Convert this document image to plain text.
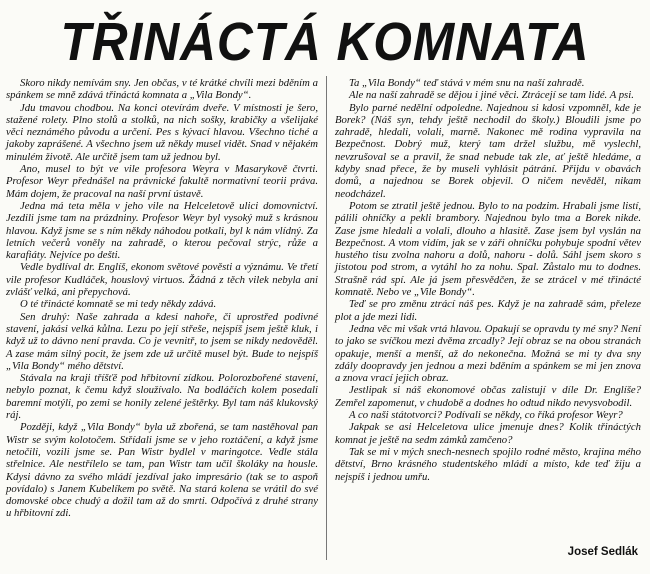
TŘINÁCTÁ KOMNATA

Skoro nikdy nemívám sny. Jen občas, v té krátké chvíli mezi bděním a spánkem se mně zdává třináctá komnata a „Vila Bondy“.

Jdu tmavou chodbou. Na konci otevírám dveře. V místnosti je šero, stažené rolety. Plno stolů a stolků, na nich sošky, krabičky a všelijaké věci neznámého původu a určení. Pes s kývací hlavou. Všechno tiché a jakoby zaprášené. A všechno jsem už někdy musel vidět. Snad v nějakém minulém životě. Ale určitě jsem tam už jednou byl.

Ano, musel to být ve vile profesora Weyra v Masarykově čtvrti. Profesor Weyr přednášel na právnické fakultě normativní teorii práva. Mám dojem, že pracoval na naší první ústavě.

Jedna má teta měla v jeho vile na Helceletově ulici domovnictví. Jezdili jsme tam na prázdniny. Profesor Weyr byl vysoký muž s krásnou hlavou. Když jsme se s ním někdy náhodou potkali, byl k nám vlídný. Za letních večerů voněly na zahradě, o kterou pečoval strýc, růže a karafiáty. Nejvíce po dešti.

Vedle bydlíval dr. Englíš, ekonom světové pověsti a význámu. Ve třetí vile profesor Kudláček, houslový virtuos. Žádná z těch vilek nebyla ani zvlášť velká, ani přepychová.

O té třinácté komnatě se mi tedy někdy zdává.

Sen druhý: Naše zahrada a kdesi nahoře, či uprostřed podivné stavení, jakási velká kůlna. Lezu po její střeše, nejspíš jsem ještě kluk, i když už to dávno není pravda. Co je vevnitř, to jsem se nikdy nedověděl. A zase mám silný pocit, že jsem zde už určitě musel být. Bude to nejspíš „Vila Bondy“ mého dětství.

Stávala na kraji tříšťě pod hřbitovní zídkou. Polorozbořené stavení, nebylo poznat, k čemu když sloužívalo. Na bodláčích kolem posedali baremní motýli, po zemi se honily zelené ještěrky. Byl tam náš klukovský ráj.

Později, když „Vila Bondy“ byla už zbořená, se tam nastěhoval pan Wistr se svým kolotočem. Střídali jsme se v jeho roztáčení, a když jsme netočili, vozili jsme se. Pan Wistr bydlel v maringotce. Vedle stála střelnice. Ale nestřílelo se tam, pan Wistr tam učil školáky na housle. Kdysi dávno za svého mládí jezdíval jako impresário (tak se to aspoň povídalo) s Janem Kubelíkem po světě. Na stará kolena se vrátil do své domovské obce chudý a dožil tam až do smrti. Odpočívá z druhé strany u hřbitovní zdi.

Ta „Vila Bondy“ teď stává v mém snu na naší zahradě.

Ale na naší zahradě se dějou i jiné věci. Ztrácejí se tam lidé. A psi.

Bylo parné nedělní odpoledne. Najednou si kdosi vzpomněl, kde je Borek? (Náš syn, tehdy ještě nechodil do školy.) Bloudili jsme po zahradě, hledali, volali, marně. Nakonec mě rodina vypravila na Bezpečnost. Dobrý muž, který tam držel službu, mě vyslechl, nevzrušoval se a pravil, že snad nebude tak zle, ať ještě hledáme, a kdyby snad přece, že by museli vyhlásit pátrání. Přijdu v obavách domů, a najednou se Borek objevil. O ničem nevěděl, nikam neodcházel.

Potom se ztratil ještě jednou. Bylo to na podzim. Hrabali jsme listí, pálili ohníčky a pekli brambory. Najednou bylo tma a Borek nikde. Zase jsme hledali a volali, dlouho a hlasitě. Zase jsem byl vyslán na Bezpečnost. A vtom vidím, jak se v záři ohníčku pohybuje spodní větev hustého tisu zvolna nahoru a dolů, nahoru - dolů. Sáhl jsem skoro s jistotou pod strom, a vytáhl ho za nohu. Spal. Zůstalo mu to dodnes. Strašně rád spí. Ale já jsem přesvědčen, že se ztrácel v mé třinácté komnatě. Nebo ve „Vile Bondy“.

Teď se pro změnu ztrácí náš pes. Když je na zahradě sám, přeleze plot a jde mezi lidi.

Jedna věc mi však vrtá hlavou. Opakují se opravdu ty mé sny? Není to jako se svíčkou mezi dvěma zrcadly? Její obraz se na obou stranách opakuje, menší a menší, až do nekonečna. Možná se mi ty dva sny zdály doopravdy jen jednou a mezi bděním a spánkem se mi jen znova a znova vrací jejich obraz.

Jestlipak si náš ekonomové občas zalistují v díle Dr. Englíše? Zemřel zapomenut, v chudobě a dodnes ho odtud nikdo nevysvobodil.

A co naši státotvorci? Podívali se někdy, co říká profesor Weyr?

Jakpak se asi Helceletova ulice jmenuje dnes? Kolik třináctých komnat je ještě na sedm zámků zamčeno?

Tak se mi v mých snech-nesnech spojilo rodné město, krajina mého dětství, Brno krásného studentského mládí a místo, kde teď žiju a nejspíš i jednou umřu.

Josef Sedlák
